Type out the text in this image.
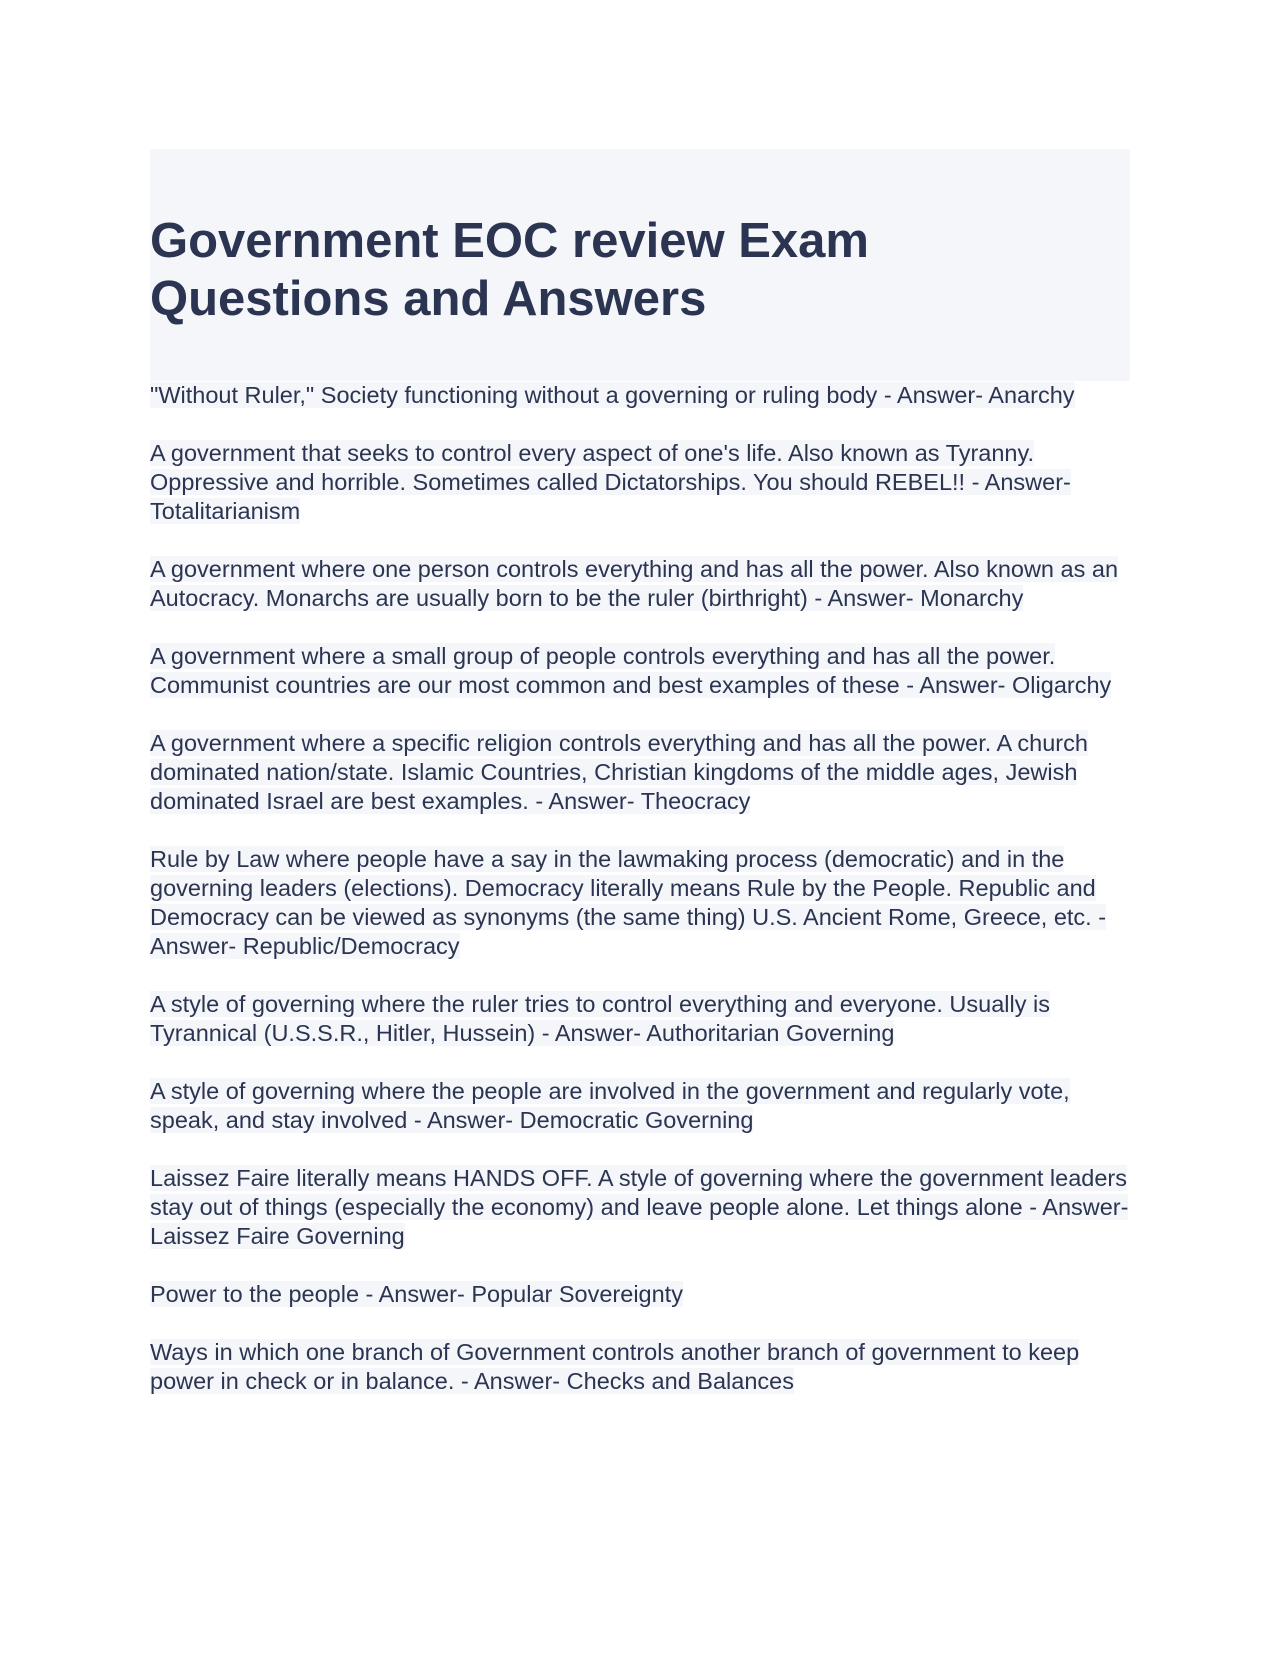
Government EOC review Exam
Questions and Answers
"Without Ruler," Society functioning without a governing or ruling body - Answer- Anarchy
A government that seeks to control every aspect of one's life. Also known as Tyranny. Oppressive and horrible. Sometimes called Dictatorships. You should REBEL!! - Answer- Totalitarianism
A government where one person controls everything and has all the power. Also known as an Autocracy. Monarchs are usually born to be the ruler (birthright) - Answer- Monarchy
A government where a small group of people controls everything and has all the power. Communist countries are our most common and best examples of these - Answer- Oligarchy
A government where a specific religion controls everything and has all the power. A church dominated nation/state. Islamic Countries, Christian kingdoms of the middle ages, Jewish dominated Israel are best examples. - Answer- Theocracy
Rule by Law where people have a say in the lawmaking process (democratic) and in the governing leaders (elections). Democracy literally means Rule by the People. Republic and Democracy can be viewed as synonyms (the same thing) U.S. Ancient Rome, Greece, etc. - Answer- Republic/Democracy
A style of governing where the ruler tries to control everything and everyone. Usually is Tyrannical (U.S.S.R., Hitler, Hussein) - Answer- Authoritarian Governing
A style of governing where the people are involved in the government and regularly vote, speak, and stay involved - Answer- Democratic Governing
Laissez Faire literally means HANDS OFF. A style of governing where the government leaders stay out of things (especially the economy) and leave people alone. Let things alone - Answer- Laissez Faire Governing
Power to the people - Answer- Popular Sovereignty
Ways in which one branch of Government controls another branch of government to keep power in check or in balance. - Answer- Checks and Balances
